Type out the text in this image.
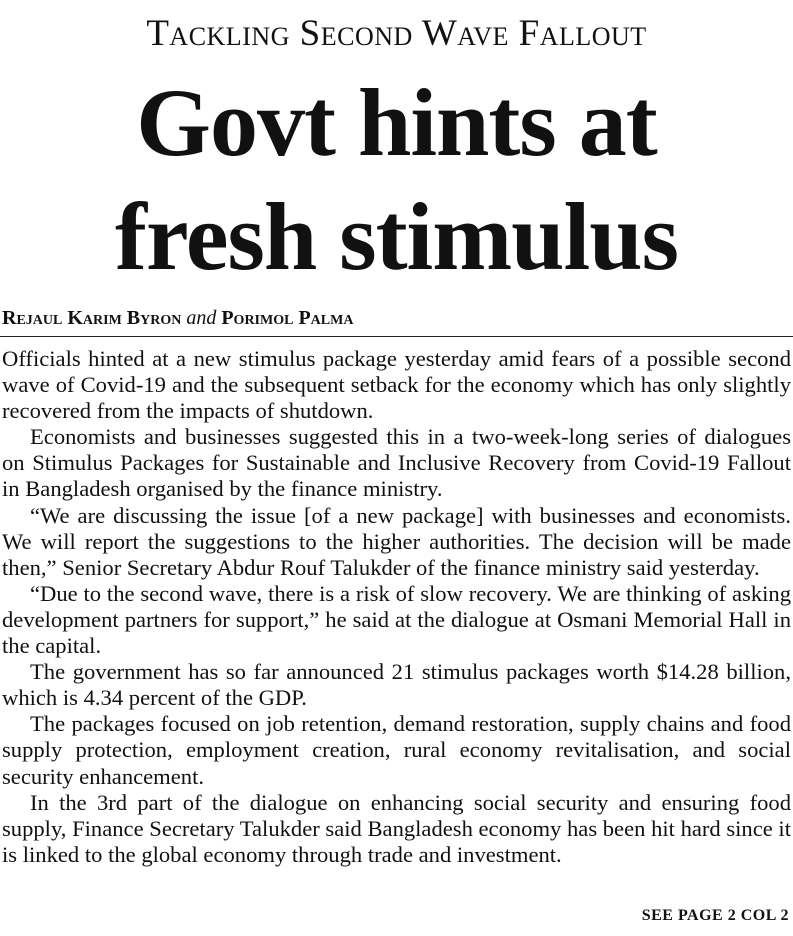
Tackling Second Wave Fallout
Govt hints at
fresh stimulus
Rejaul Karim Byron and Porimol Palma

Officials hinted at a new stimulus package yesterday amid fears of a possible second wave of Covid-19 and the subsequent setback for the economy which has only slightly recovered from the impacts of shutdown.

Economists and businesses suggested this in a two-week-long series of dialogues on Stimulus Packages for Sustainable and Inclusive Recovery from Covid-19 Fallout in Bangladesh organised by the finance ministry.

“We are discussing the issue [of a new package] with businesses and economists. We will report the suggestions to the higher authorities. The decision will be made then,” Senior Secretary Abdur Rouf Talukder of the finance ministry said yesterday.

“Due to the second wave, there is a risk of slow recovery. We are thinking of asking development partners for support,” he said at the dialogue at Osmani Memorial Hall in the capital.

The government has so far announced 21 stimulus packages worth $14.28 billion, which is 4.34 percent of the GDP.

The packages focused on job retention, demand restoration, supply chains and food supply protection, employment creation, rural economy revitalisation, and social security enhancement.

In the 3rd part of the dialogue on enhancing social security and ensuring food supply, Finance Secretary Talukder said Bangladesh economy has been hit hard since it is linked to the global economy through trade and investment.

SEE PAGE 2 COL 2
